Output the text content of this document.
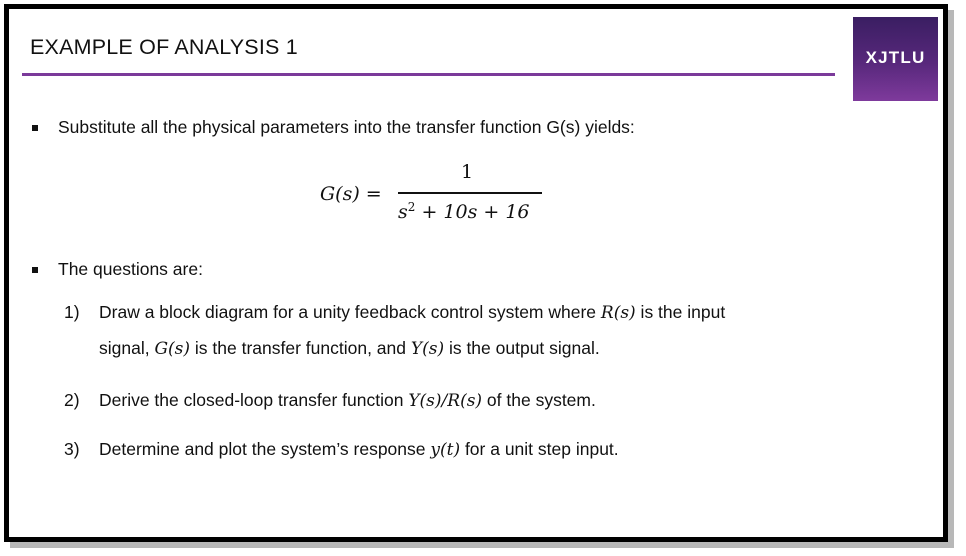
EXAMPLE OF ANALYSIS 1	XJTLU
Substitute all the physical parameters into the transfer function G(s) yields:
G(s) =
1
$s^2 + 10s + 16$
The questions are:
1) Draw a block diagram for a unity feedback control system where R(s) is the input
signal, G(s) is the transfer function, and Y(s) is the output signal.
2) Derive the closed-loop transfer function Y(s)/R(s) of the system.
3) Determine and plot the system’s response y(t) for a unit step input.
